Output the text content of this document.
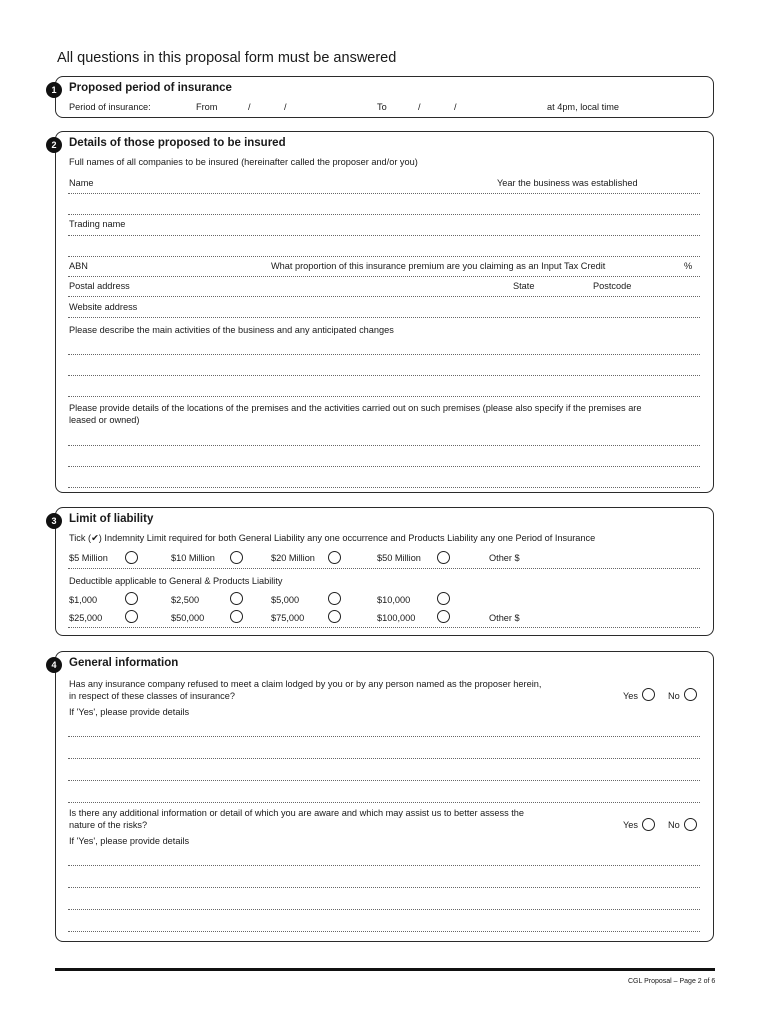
All questions in this proposal form must be answered
1	Proposed period of insurance
Period of insurance:	From	/	/	To	/	/	at 4pm, local time
2	Details of those proposed to be insured
Full names of all companies to be insured (hereinafter called the proposer and/or you)
Name	Year the business was established
Trading name
ABN	What proportion of this insurance premium are you claiming as an Input Tax Credit	%
Postal address	State	Postcode
Website address
Please describe the main activities of the business and any anticipated changes
Please provide details of the locations of the premises and the activities carried out on such premises (please also specify if the premises are
leased or owned)
3	Limit of liability
Tick (✔) Indemnity Limit required for both General Liability any one occurrence and Products Liability any one Period of Insurance
$5 Million	$10 Million	$20 Million	$50 Million	Other $
Deductible applicable to General & Products Liability
$1,000	$2,500	$5,000	$10,000
$25,000	$50,000	$75,000	$100,000	Other $
4	General information
Has any insurance company refused to meet a claim lodged by you or by any person named as the proposer herein,
in respect of these classes of insurance?	Yes	No
If 'Yes', please provide details
Is there any additional information or detail of which you are aware and which may assist us to better assess the
nature of the risks?	Yes	No
If 'Yes', please provide details
CGL Proposal – Page 2 of 6
